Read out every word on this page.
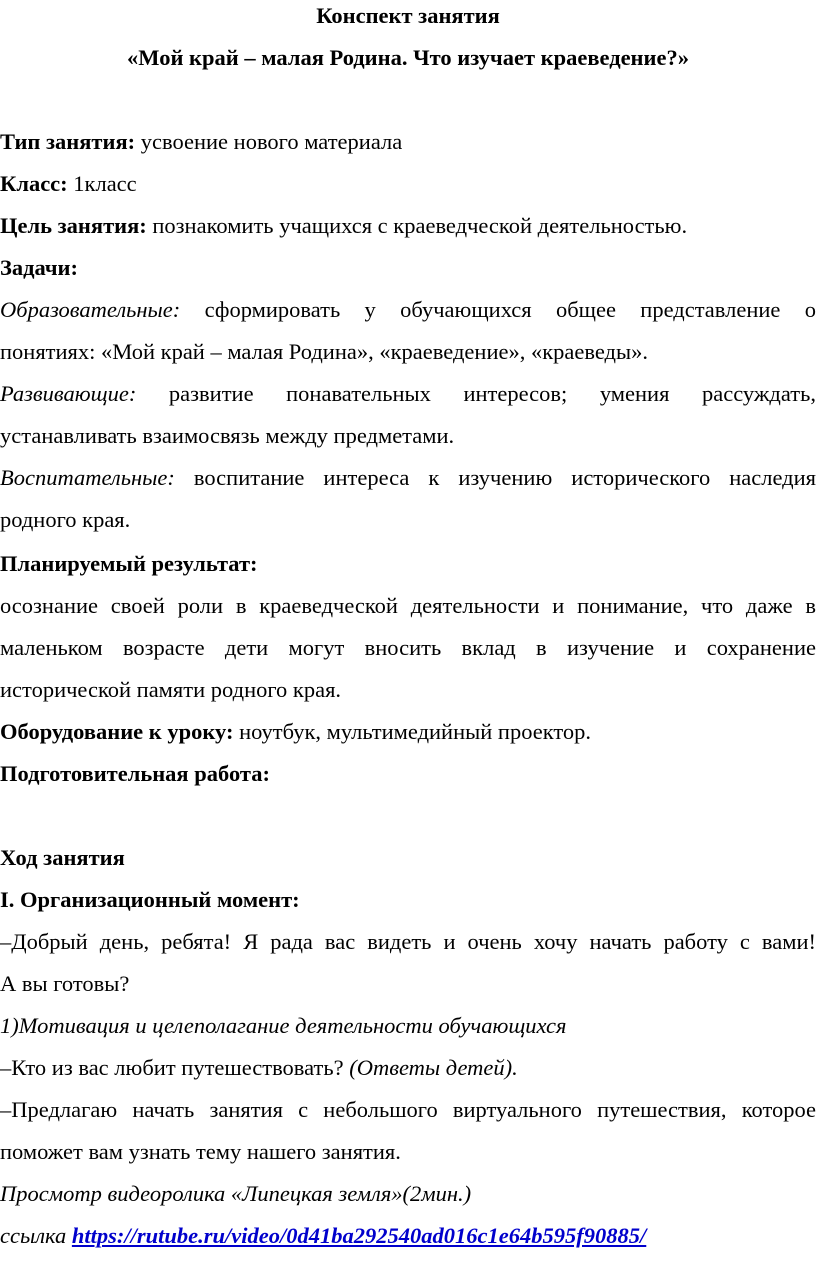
Конспект занятия
«Мой край – малая Родина. Что изучает краеведение?»
Тип занятия: усвоение нового материала
Класс: 1класс
Цель занятия: познакомить учащихся с краеведческой деятельностью.
Задачи:
Образовательные: сформировать у обучающихся общее представление о
понятиях: «Мой край – малая Родина», «краеведение», «краеведы».
Развивающие: развитие понавательных интересов; умения рассуждать,
устанавливать взаимосвязь между предметами.
Воспитательные: воспитание интереса к изучению исторического наследия
родного края.
Планируемый результат:
осознание своей роли в краеведческой деятельности и понимание, что даже в
маленьком возрасте дети могут вносить вклад в изучение и сохранение
исторической памяти родного края.
Оборудование к уроку: ноутбук, мультимедийный проектор.
Подготовительная работа:
Ход занятия
I. Организационный момент:
–Добрый день, ребята! Я рада вас видеть и очень хочу начать работу с вами!
А вы готовы?
1)Мотивация и целеполагание деятельности обучающихся
–Кто из вас любит путешествовать? (Ответы детей).
–Предлагаю начать занятия с небольшого виртуального путешествия, которое
поможет вам узнать тему нашего занятия.
Просмотр видеоролика «Липецкая земля»(2мин.)
ссылка https://rutube.ru/video/0d41ba292540ad016c1e64b595f90885/
